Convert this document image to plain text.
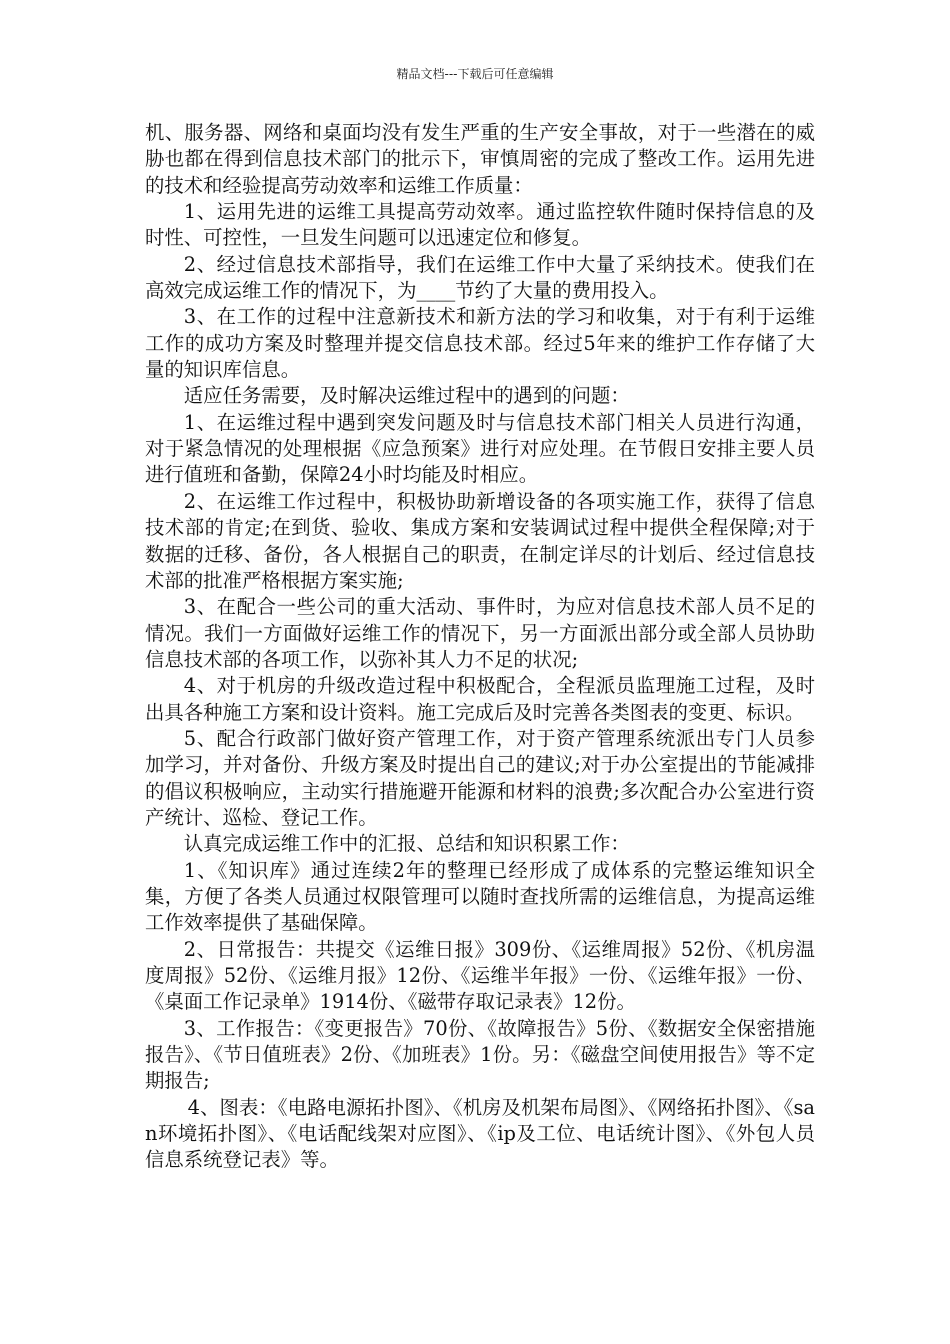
精品文档---下载后可任意编辑

机、服务器、网络和桌面均没有发生严重的生产安全事故，对于一些潜在的威胁也都在得到信息技术部门的批示下，审慎周密的完成了整改工作。运用先进的技术和经验提高劳动效率和运维工作质量：

1、运用先进的运维工具提高劳动效率。通过监控软件随时保持信息的及时性、可控性，一旦发生问题可以迅速定位和修复。

2、经过信息技术部指导，我们在运维工作中大量了采纳技术。使我们在高效完成运维工作的情况下，为____节约了大量的费用投入。

3、在工作的过程中注意新技术和新方法的学习和收集，对于有利于运维工作的成功方案及时整理并提交信息技术部。经过5年来的维护工作存储了大量的知识库信息。

适应任务需要，及时解决运维过程中的遇到的问题：

1、在运维过程中遇到突发问题及时与信息技术部门相关人员进行沟通，对于紧急情况的处理根据《应急预案》进行对应处理。在节假日安排主要人员进行值班和备勤，保障24小时均能及时相应。

2、在运维工作过程中，积极协助新增设备的各项实施工作，获得了信息技术部的肯定;在到货、验收、集成方案和安装调试过程中提供全程保障;对于数据的迁移、备份，各人根据自己的职责，在制定详尽的计划后、经过信息技术部的批准严格根据方案实施;

3、在配合一些公司的重大活动、事件时，为应对信息技术部人员不足的情况。我们一方面做好运维工作的情况下，另一方面派出部分或全部人员协助信息技术部的各项工作，以弥补其人力不足的状况;

4、对于机房的升级改造过程中积极配合，全程派员监理施工过程，及时出具各种施工方案和设计资料。施工完成后及时完善各类图表的变更、标识。

5、配合行政部门做好资产管理工作，对于资产管理系统派出专门人员参加学习，并对备份、升级方案及时提出自己的建议;对于办公室提出的节能减排的倡议积极响应，主动实行措施避开能源和材料的浪费;多次配合办公室进行资产统计、巡检、登记工作。

认真完成运维工作中的汇报、总结和知识积累工作：

1、《知识库》通过连续2年的整理已经形成了成体系的完整运维知识全集，方便了各类人员通过权限管理可以随时查找所需的运维信息，为提高运维工作效率提供了基础保障。

2、日常报告：共提交《运维日报》309份、《运维周报》52份、《机房温度周报》52份、《运维月报》12份、《运维半年报》一份、《运维年报》一份、《桌面工作记录单》1914份、《磁带存取记录表》12份。

3、工作报告：《变更报告》70份、《故障报告》5份、《数据安全保密措施报告》、《节日值班表》2份、《加班表》1份。另：《磁盘空间使用报告》等不定期报告;

4、图表：《电路电源拓扑图》、《机房及机架布局图》、《网络拓扑图》、《san环境拓扑图》、《电话配线架对应图》、《ip及工位、电话统计图》、《外包人员信息系统登记表》等。
